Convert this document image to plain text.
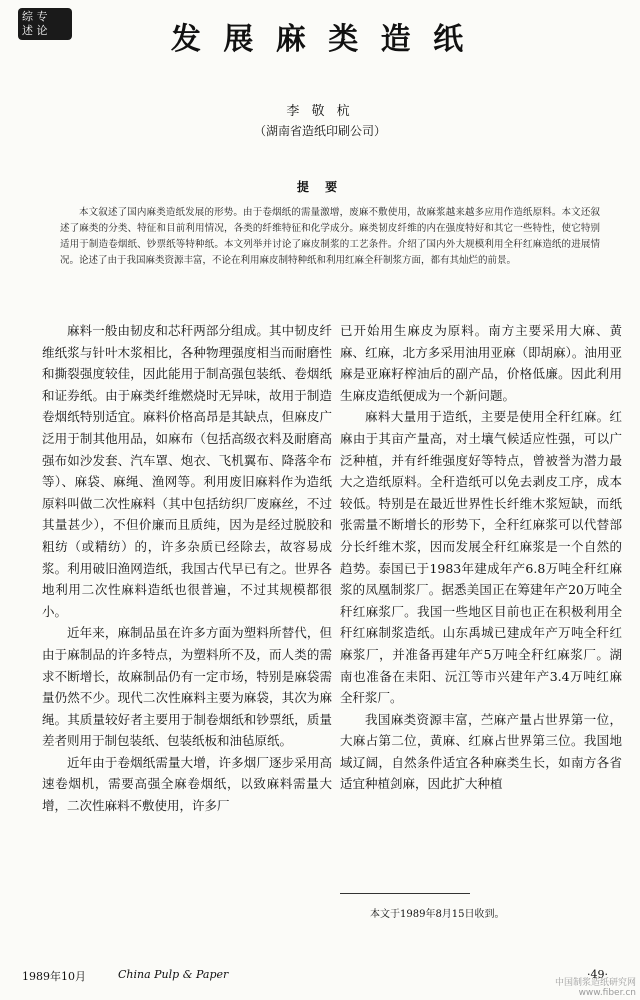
综 专
述 论	发 展 麻 类 造 纸
李 敬 杭
（湖南省造纸印刷公司）
提 要
本文叙述了国内麻类造纸发展的形势。由于卷烟纸的需量激增，废麻不敷使用，故麻浆越来越多应用作造纸原料。本文还叙述了麻类的分类、特征和目前利用情况，各类的纤维特征和化学成分。麻类韧皮纤维的内在强度特好和其它一些特性，使它特别适用于制造卷烟纸、钞票纸等特种纸。本文列举并讨论了麻皮制浆的工艺条件。介绍了国内外大规模利用全秆红麻造纸的进展情况。论述了由于我国麻类资源丰富，不论在利用麻皮制特种纸和利用红麻全秆制浆方面，都有其灿烂的前景。

麻料一般由韧皮和芯秆两部分组成。其中韧皮纤维纸浆与针叶木浆相比，各种物理强度相当而耐磨性和撕裂强度较佳，因此能用于制高强包装纸、卷烟纸和证券纸。由于麻类纤维燃烧时无异味，故用于制造卷烟纸特别适宜。麻料价格高昂是其缺点，但麻皮广泛用于制其他用品，如麻布（包括高级衣料及耐磨高强布如沙发套、汽车罩、炮衣、飞机翼布、降落伞布等）、麻袋、麻绳、渔网等。利用废旧麻料作为造纸原料叫做二次性麻料（其中包括纺织厂废麻丝，不过其量甚少），不但价廉而且质纯，因为是经过脱胶和粗纺（或精纺）的，许多杂质已经除去，故容易成浆。利用破旧渔网造纸，我国古代早已有之。世界各地利用二次性麻料造纸也很普遍，不过其规模都很小。

近年来，麻制品虽在许多方面为塑料所替代，但由于麻制品的许多特点，为塑料所不及，而人类的需求不断增长，故麻制品仍有一定市场，特别是麻袋需量仍然不少。现代二次性麻料主要为麻袋，其次为麻绳。其质量较好者主要用于制卷烟纸和钞票纸，质量差者则用于制包装纸、包装纸板和油毡原纸。

近年由于卷烟纸需量大增，许多烟厂逐步采用高速卷烟机，需要高强全麻卷烟纸，以致麻料需量大增，二次性麻料不敷使用，许多厂

已开始用生麻皮为原料。南方主要采用大麻、黄麻、红麻，北方多采用油用亚麻（即胡麻）。油用亚麻是亚麻籽榨油后的副产品，价格低廉。因此利用生麻皮造纸便成为一个新问题。

麻料大量用于造纸，主要是使用全秆红麻。红麻由于其亩产量高，对土壤气候适应性强，可以广泛种植，并有纤维强度好等特点，曾被誉为潜力最大之造纸原料。全秆造纸可以免去剥皮工序，成本较低。特别是在最近世界性长纤维木浆短缺，而纸张需量不断增长的形势下，全秆红麻浆可以代替部分长纤维木浆，因而发展全秆红麻浆是一个自然的趋势。泰国已于1983年建成年产6.8万吨全秆红麻浆的凤凰制浆厂。据悉美国正在筹建年产20万吨全秆红麻浆厂。我国一些地区目前也正在积极利用全秆红麻制浆造纸。山东禹城已建成年产万吨全秆红麻浆厂，并准备再建年产5万吨全秆红麻浆厂。湖南也准备在耒阳、沅江等市兴建年产3.4万吨红麻全秆浆厂。

我国麻类资源丰富，苎麻产量占世界第一位，大麻占第二位，黄麻、红麻占世界第三位。我国地域辽阔，自然条件适宜各种麻类生长，如南方各省适宜种植剑麻，因此扩大种植

本文于1989年8月15日收到。
1989年10月	China Pulp & Paper	·49·
中国制浆造纸研究网
www.fiber.cn
